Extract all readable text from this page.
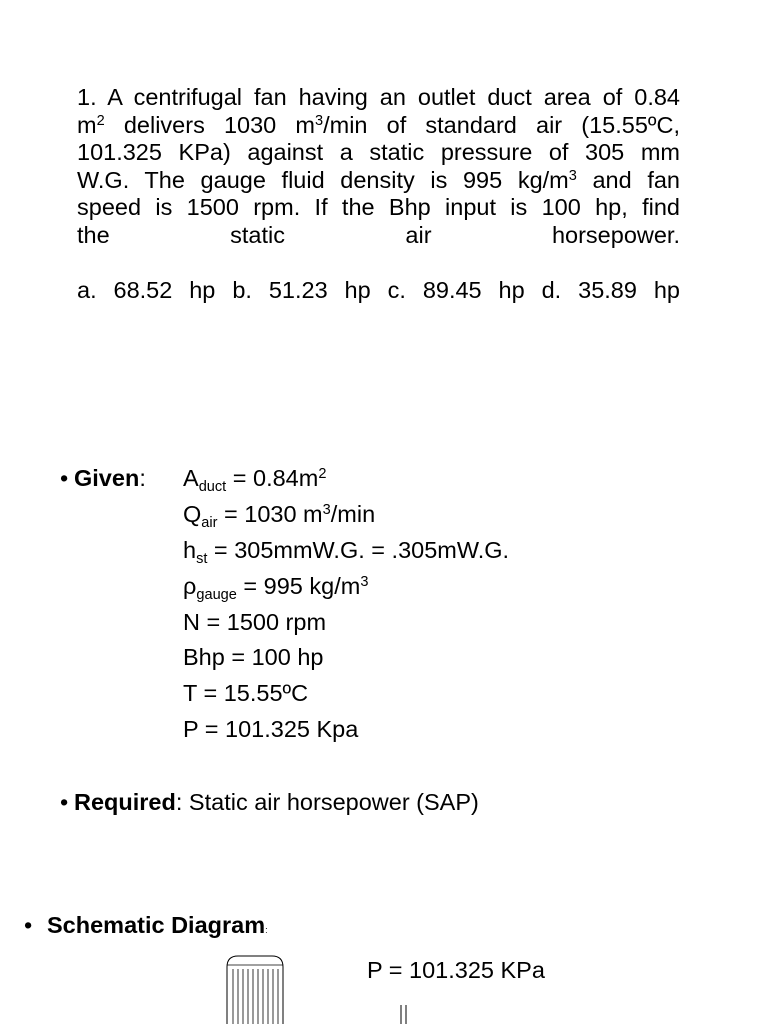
1. A centrifugal fan having an outlet duct area of 0.84
$m^2$ delivers 1030 $m^3/\min$ of standard air (15.55ºC,
101.325 KPa) against a static pressure of 305 mm
W.G. The gauge fluid density is 995 $kg/m^3$ and fan
speed is 1500 rpm. If the Bhp input is 100 hp, find
the	static	air	horsepower.
a. 68.52 hp b. 51.23 hp c. 89.45 hp d. 35.89 hp
• Given: $A_{duct} = 0.84m^2$
$Q_{air} = 1030$ $m^3/\min$
$h_{st} = 305mmW.G$. = .305mW.G.
$\rho_{gauge} = 995$ $kg/m^3$
N = 1500 rpm
Bhp = 100 hp
T = 15.55ºC
P = 101.325 Kpa
• Required: Static air horsepower (SAP)
• Schematic Diagram:
P = 101.325 KPa
